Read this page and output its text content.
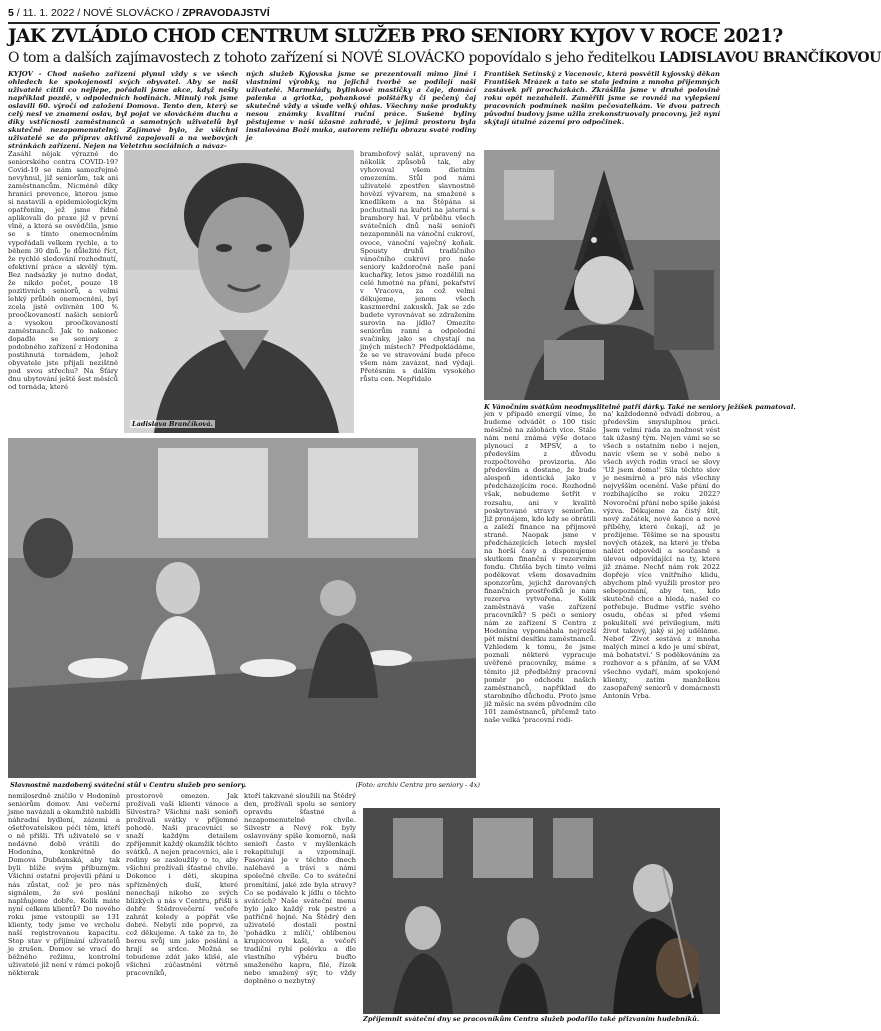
5 / 11. 1. 2022 / NOVÉ SLOVÁCKO / ZPRAVODAJSTVÍ
JAK ZVLÁDLO CHOD CENTRUM SLUŽEB PRO SENIORY KYJOV V ROCE 2021?
O tom a dalších zajímavostech z tohoto zařízení si NOVÉ SLOVÁCKO popovídalo s jeho ředitelkou LADISLAVOU BRANČÍKOVOU
KYJOV - Chod našeho zařízení plynul vždy s ve všech ohledech ke spokojenosti svých obyvatel. Aby se naši uživatelé cítili co nejlépe, pořádali jsme akce, když nešly například pozdě, v odpoledních hodinách. Minulý rok jsme oslavili 60. výročí od založení Domova. Tento den, který se celý nesl ve znamení oslav, byl pojat ve slováckém duchu a díky vstřícnosti zaměstnanců a samotných uživatelů byl skutečně nezapomenutelný. Zajímavé bylo, že všichni uživatelé se do příprav aktivně zapojovali a na webových stránkách zařízení. Nejen na Veletrhu sociálních a návaz-
ných služeb Kyjovska jsme se prezentovali mimo jiné i vlastními výrobky, na jejichž tvorbě se podílejí naši uživatelé. Marmelády, bylinkové mastičky a čaje, domácí palenka a griotka, pohankové polštářky či pečený čaj skutečně vždy a všude velký ohlas. Všechny naše produkty nesou známky kvalitní ruční práce. Sušené byliny pěstujeme v naší úžasné zahradě, v jejímž prostoru byla instalována Boží muka, autorem reliéfu obrazu svaté rodiny je
František Setínský z Vacenovic, která posvětil kyjovský děkan František Mrázek a tato se stala jedním z mnoha příjemných zastávek při procházkách. Zkrášlila jsme v druhé polovině roku opět nezaháleli. Zaměřili jsme se rovněž na vylepšení pracovních podmínek našim pečovatelkám. Ve dvou patrech původní budovy jsme užila zrekonstruovaly pracovny, jež nyní skýtají útulné zázemí pro odpočinek.
Zasáhl nějak výrazně do seniorského centra COVID-19? Covid-19 se nám samozřejmě nevyhnul, již seniorům, tak ani zaměstnancům. Nicméně díky hranici prevence, kterou jsme si nastavili a epidemiologickým opatřením, jež jsme řídně aplikovali do praxe již v první vlně, a která se osvědčila, jsme se s tímto onemocněním vypořádali velkem rychle, a to během 30 dnů. Je důležité říct, že rychlé sledování rozhodnutí, efektivní práce a skvělý tým. Bez nadsázky je nutno dodat, že nikdo počet, pouze 18 pozitivních seniorů, a velmi lehký průběh onemocnění, byl zcela jistě ovlivněn 100 % proočkovaností našich seniorů a vysokou proočkovaností zaměstnanců. Jak to nakonec dopadlo se seniory z podobného zařízení z Hodonína postihnutá tornádem, jehož obyvatele jste přijali nezištně pod svou střechu? Na Šťáry dnu ubytování ještě šest měsíců od tornáda, které
Ladislava Brančíková.
brambofový salát, upravený na několik způsobů tak, aby vyhovoval všem dietním omezením. Stůl pod námi uživatelé zpestřen slavnostně hovězí vývarem, na smažené s knedlíkem a na Štěpána si pochutnali na kuřeti na jaterní s brambory hal. V průběhu všech svátečních dnů naši senioři nezapomněli na vánoční cukroví, ovoce, vánoční vaječný koňak. Spousty druhů tradičního vánočního cukroví pro naše seniory každoročně naše paní kuchařky, letos jsme rozdělili na celé hmotné na přání, pekařství v Vracova, za což velmi děkujeme, jenom všech kaszmerdní zakusků. Jak se zde budete vyrovnávat se zdražením surovin na jídlo? Omezíte seniorům ranní a odpolední svačinky, jako se chystají na jiných místech? Předpokládáme, že se ve stravování bude přece všem nám zavázat, nad výdaji. Přetěsním s dalším vysokého růstu cen. Nepřidalo
K Vánočním svátkům neodmyslitelně patří dárky. Také ne seniory ježíšek pamatoval.
Slavnostně nazdobený sváteční stůl v Centru služeb pro seniory.	(Foto: archiv Centra pro seniory - 4x)
jen v případě energií víme, že budeme odvádět o 100 tisíc měsíčně na zálohách více. Stále nám není známá výše dotace plynoucí z MPSV, a to především z důvodu rozpočtového provizoria. Ale především a dostane, že bude alespoň identická jako v předcházejícím roce. Rozhodně však, nebudeme šetřit v rozsahu, ani v kvalitě poskytované stravy seniorům. Již pronájem, kdo kdy se obrátili a zaleží finance na příjmové straně. Naopak jsme v předcházejících letech myslel na horší časy a disponujeme skutkem finanční v rezervním fondu. Chtěla bych tímto velmi poděkovat všem dosavadním sponzorům, jejichž darovaných finančních prostředků je nám rezerva vytvořena. Kolik zaměstnává vaše zařízení pracovníků? S péči o seniory nám ze zařízení S Centra z Hodonína vypomáhala nejrozší pět místní desítku zaměstnanců. Vzhledem k tomu, že jsme poznali některé vypracuje uvěřené pracovníky, máme s těmito již předběžný pracovní poměr po odchodu našich zaměstnanců, například do starobního důchodu. Proto jsme již měsíc na svém původním cíle 101 zaměstnanců, přičemž tato naše velká 'pracovní rodi-
na' každodenně odvádí dobrou, a především smysluplnou práci. Jsem velmi ráda za možnost vést tak úžasný tým. Nejen vámi se se všech s ostatním nebo i nejen, navíc všem se v sobě nebo s všech svých rodin vrací se slovy 'Už jsem doma!' Sila těchto slov je nesmírně a pro nás všechny nejvyšším ocenění. Vaše přání do rozbíhajícího se roku 2022? Novoroční přání nebo spíše jakési výzva. Děkujeme za čistý štít, nový začátek, nové šance a nové příběhy, které čekají, až je prožijeme. Těšíme se na spoustu nových otázek, na které je třeba nalézt odpovědi a současně s úlevou odpovídající na ty, které již známe. Nechť nám rok 2022 dopřeje více vnitřního klidu, abychom plně využili prostor pro sebepoznání, aby ten, kdo skutečně chce a hledá, našel co potřebuje. Budme vstříc svého osudu, občas si před všemi pokušitelí své privilegium, míti život takový, jaký si jej uděláme. Neboť 'Život sestává z mnoha malých mincí a kdo je umí sbírat, má bohatství.' S poděkováním za rozhovor a s přáním, ať se VÁM všechno vydaří, mám spokojené klienty, zatím manželkou zasopařený seniorů v domácnosti Antonín Vrba.
nemilosrdně zničilo v Hodoníně seniorům domov. Ani večerní jsme navázali a okamžitě nabídli náhradní bydlení, zázemí a ošetřovatelskou péči těm, kteří o ně přišli. Tři uživatelé se v nedávné době vrátili do Hodonína, konkrétně do Domova Dubňanská, aby tak byli blíže svým příbuzným. Všichni ostatní projevili přání u nás zůstat, což je pro nás signálem, že své poslání naplňujeme dobře. Kolik máte nyní celkem klientů? Do nového roku jsme vstoupili se 131 klienty, tedy jsme ve vrcholu naší registrovanou kapacitu. Stop stav v přijímání uživatelů je zrušen. Domov se vrací do běžného režimu, kontrolní uživatelé již není v rámci pokojů některak
prostorově omezen. Jak prožívali vaši klienti vánoce a Silvestra? Všichni naši senioři prožívali svátky v příjemné pohodě. Naši pracovníci se snaží každým detailem zpříjemnit každý okamžik těchto svátků. A nejen pracovníci, ale i rodiny se zasloužily o to, aby všichni prožívali šťastné chvíle. Dokonce i děti, skupina spřízněných duší, které nenechají nikoho ze svých blízkých u nás v Centru, přišli s dobře Štědrovečerní večeře zahrát koledy a popřát vše dobré. Nebyli zde poprvé, za což děkujeme. A také za to, že berou svůj um jako poslání a hrají se srdce. Možná se tobudeme zdát jako klišé, ale všichni zúčastnění větrně pracovníků,
kteří takzvané sloužili na Štědrý den, prožívali spolu se seniory opravdu šťastné a nezapomenutelné chvíle. Silvestr a Nový rok byly oslavovány spíše komorně, naši senioři často v myšlenkách rekapitulují a vzpomínají. Fasování je v těchto dnech naléhavě a tráví s námi společné chvíle. Co to sváteční promítání, jaké zde byla stravy? Co se podávalo k jídlu o těchto svátcích? Naše sváteční menu bylo jako každý rok pestré a patřičně hojné. Na Štědrý den uživatelé dostali postní 'pohádku z mlíčí,' oblíbenou krupicovou kaši, a večeří tradiční rybí polévku a dle vlastního výběru buďto smaženého kapra, filé, řízek nebo smažený sýr, to vždy doplněno o nezbytný
Zpříjemnit sváteční dny se pracovníkům Centra služeb podařilo také přizvaním hudebníků.
